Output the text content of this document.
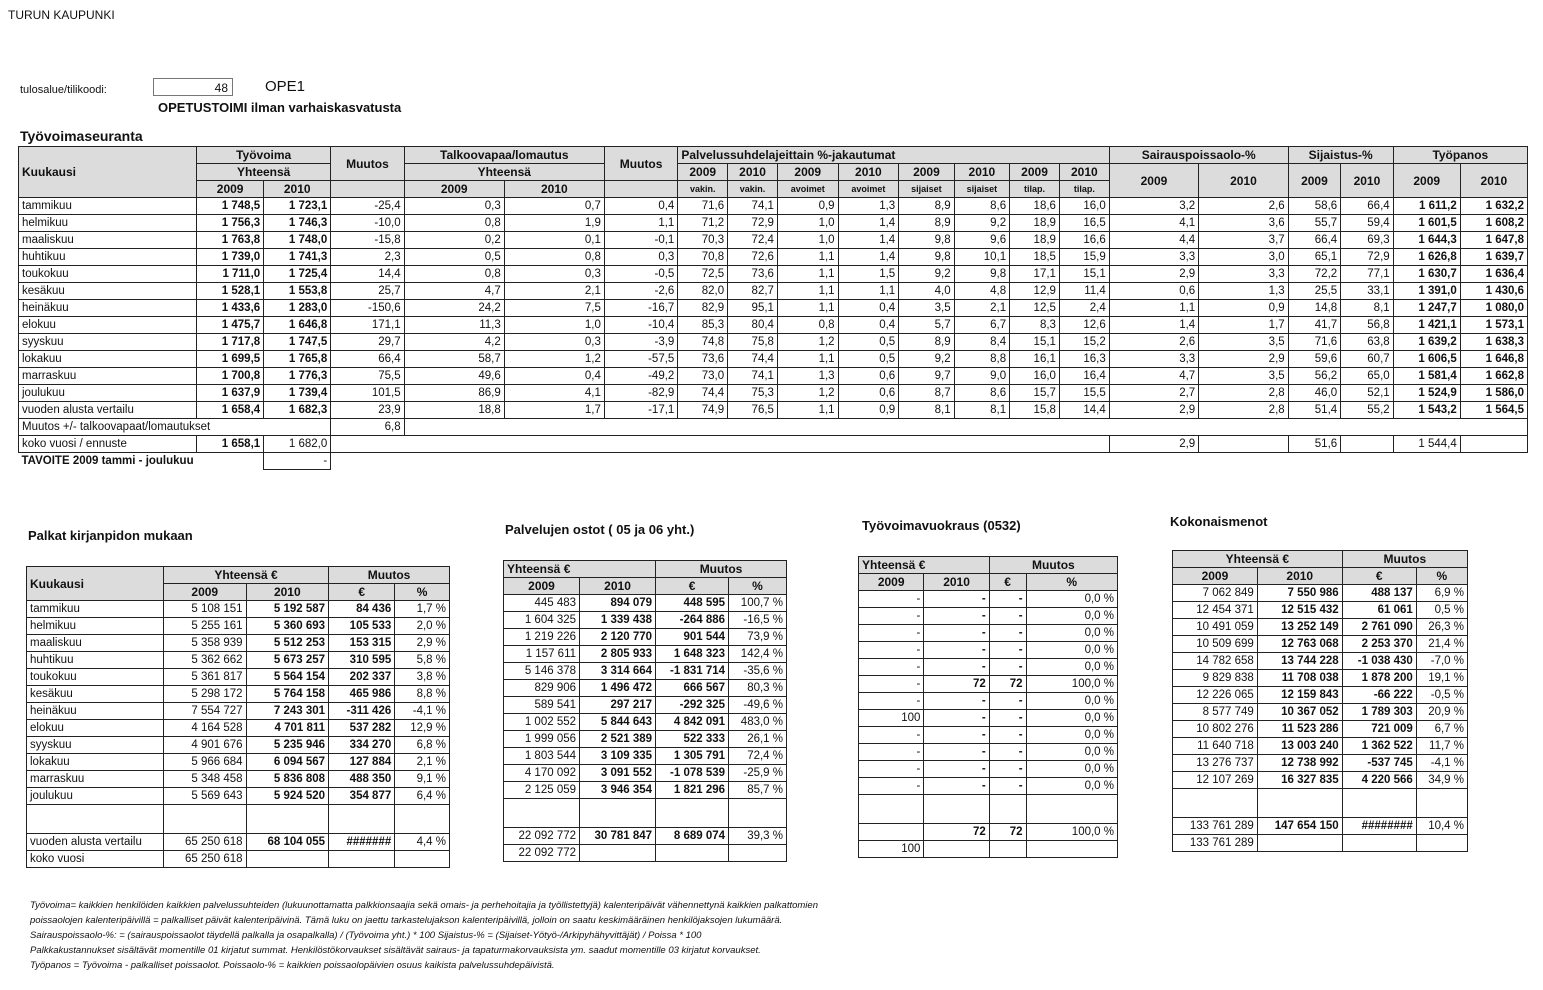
TURUN KAUPUNKI
tulosalue/tilikoodi:	48	OPE1
OPETUSTOIMI ilman varhaiskasvatusta
Työvoimaseuranta
Kuukausi	Työvoima		Muutos	Talkoovapaa/lomautus		Muutos	Palvelussuhdelajeittain %-jakautumat								Sairauspoissaolo-%		Sijaistus-%		Työpanos	
	Yhteensä			Yhteensä			2009	2010	2009	2010	2009	2010	2009	2010	2009	2010	2009	2010	2009	2010
	2009	2010		2009	2010		vakin.	vakin.	avoimet	avoimet	sijaiset	sijaiset	tilap.	tilap.						
tammikuu	1 748,5	1 723,1	-25,4	0,3	0,7	0,4	71,6	74,1	0,9	1,3	8,9	8,6	18,6	16,0	3,2	2,6	58,6	66,4	1 611,2	1 632,2
helmikuu	1 756,3	1 746,3	-10,0	0,8	1,9	1,1	71,2	72,9	1,0	1,4	8,9	9,2	18,9	16,5	4,1	3,6	55,7	59,4	1 601,5	1 608,2
maaliskuu	1 763,8	1 748,0	-15,8	0,2	0,1	-0,1	70,3	72,4	1,0	1,4	9,8	9,6	18,9	16,6	4,4	3,7	66,4	69,3	1 644,3	1 647,8
huhtikuu	1 739,0	1 741,3	2,3	0,5	0,8	0,3	70,8	72,6	1,1	1,4	9,8	10,1	18,5	15,9	3,3	3,0	65,1	72,9	1 626,8	1 639,7
toukokuu	1 711,0	1 725,4	14,4	0,8	0,3	-0,5	72,5	73,6	1,1	1,5	9,2	9,8	17,1	15,1	2,9	3,3	72,2	77,1	1 630,7	1 636,4
kesäkuu	1 528,1	1 553,8	25,7	4,7	2,1	-2,6	82,0	82,7	1,1	1,1	4,0	4,8	12,9	11,4	0,6	1,3	25,5	33,1	1 391,0	1 430,6
heinäkuu	1 433,6	1 283,0	-150,6	24,2	7,5	-16,7	82,9	95,1	1,1	0,4	3,5	2,1	12,5	2,4	1,1	0,9	14,8	8,1	1 247,7	1 080,0
elokuu	1 475,7	1 646,8	171,1	11,3	1,0	-10,4	85,3	80,4	0,8	0,4	5,7	6,7	8,3	12,6	1,4	1,7	41,7	56,8	1 421,1	1 573,1
syyskuu	1 717,8	1 747,5	29,7	4,2	0,3	-3,9	74,8	75,8	1,2	0,5	8,9	8,4	15,1	15,2	2,6	3,5	71,6	63,8	1 639,2	1 638,3
lokakuu	1 699,5	1 765,8	66,4	58,7	1,2	-57,5	73,6	74,4	1,1	0,5	9,2	8,8	16,1	16,3	3,3	2,9	59,6	60,7	1 606,5	1 646,8
marraskuu	1 700,8	1 776,3	75,5	49,6	0,4	-49,2	73,0	74,1	1,3	0,6	9,7	9,0	16,0	16,4	4,7	3,5	56,2	65,0	1 581,4	1 662,8
joulukuu	1 637,9	1 739,4	101,5	86,9	4,1	-82,9	74,4	75,3	1,2	0,6	8,7	8,6	15,7	15,5	2,7	2,8	46,0	52,1	1 524,9	1 586,0
vuoden alusta vertailu	1 658,4	1 682,3	23,9	18,8	1,7	-17,1	74,9	76,5	1,1	0,9	8,1	8,1	15,8	14,4	2,9	2,8	51,4	55,2	1 543,2	1 564,5
Muutos +/- talkoovapaat/lomautukset			6,8																	
koko vuosi / ennuste	1 658,1	1 682,0													2,9		51,6		1 544,4	
TAVOITE 2009 tammi - joulukuu		-																		
Palkat kirjanpidon mukaan	Palvelujen ostot ( 05 ja 06 yht.)	Työvoimavuokraus (0532)	Kokonaismenot
Kuukausi	Yhteensä €		Muutos	
	2009	2010	€	%
tammikuu	5 108 151	5 192 587	84 436	1,7 %
helmikuu	5 255 161	5 360 693	105 533	2,0 %
maaliskuu	5 358 939	5 512 253	153 315	2,9 %
huhtikuu	5 362 662	5 673 257	310 595	5,8 %
toukokuu	5 361 817	5 564 154	202 337	3,8 %
kesäkuu	5 298 172	5 764 158	465 986	8,8 %
heinäkuu	7 554 727	7 243 301	-311 426	-4,1 %
elokuu	4 164 528	4 701 811	537 282	12,9 %
syyskuu	4 901 676	5 235 946	334 270	6,8 %
lokakuu	5 966 684	6 094 567	127 884	2,1 %
marraskuu	5 348 458	5 836 808	488 350	9,1 %
joulukuu	5 569 643	5 924 520	354 877	6,4 %

vuoden alusta vertailu	65 250 618	68 104 055	#######	4,4 %
koko vuosi	65 250 618			
Yhteensä €		Muutos	
2009	2010	€	%
445 483	894 079	448 595	100,7 %
1 604 325	1 339 438	-264 886	-16,5 %
1 219 226	2 120 770	901 544	73,9 %
1 157 611	2 805 933	1 648 323	142,4 %
5 146 378	3 314 664	-1 831 714	-35,6 %
829 906	1 496 472	666 567	80,3 %
589 541	297 217	-292 325	-49,6 %
1 002 552	5 844 643	4 842 091	483,0 %
1 999 056	2 521 389	522 333	26,1 %
1 803 544	3 109 335	1 305 791	72,4 %
4 170 092	3 091 552	-1 078 539	-25,9 %
2 125 059	3 946 354	1 821 296	85,7 %

22 092 772	30 781 847	8 689 074	39,3 %
22 092 772			
Yhteensä €		Muutos	
2009	2010	€	%
-	-	-	0,0 %
-	-	-	0,0 %
-	-	-	0,0 %
-	-	-	0,0 %
-	-	-	0,0 %
-	72	72	100,0 %
-	-	-	0,0 %
100	-	-	0,0 %
-	-	-	0,0 %
-	-	-	0,0 %
-	-	-	0,0 %
-	-	-	0,0 %

	72	72	100,0 %
100			
Yhteensä €		Muutos	
2009	2010	€	%
7 062 849	7 550 986	488 137	6,9 %
12 454 371	12 515 432	61 061	0,5 %
10 491 059	13 252 149	2 761 090	26,3 %
10 509 699	12 763 068	2 253 370	21,4 %
14 782 658	13 744 228	-1 038 430	-7,0 %
9 829 838	11 708 038	1 878 200	19,1 %
12 226 065	12 159 843	-66 222	-0,5 %
8 577 749	10 367 052	1 789 303	20,9 %
10 802 276	11 523 286	721 009	6,7 %
11 640 718	13 003 240	1 362 522	11,7 %
13 276 737	12 738 992	-537 745	-4,1 %
12 107 269	16 327 835	4 220 566	34,9 %

133 761 289	147 654 150	########	10,4 %
133 761 289			
Työvoima= kaikkien henkilöiden kaikkien palvelussuhteiden (lukuunottamatta palkkionsaajia sekä omais- ja perhehoitajia ja työllistettyjä) kalenteripäivät vähennettynä kaikkien palkattomien
poissaolojen kalenteripäivillä = palkalliset päivät kalenteripäivinä. Tämä luku on jaettu tarkastelujakson kalenteripäivillä, jolloin on saatu keskimääräinen henkilöjaksojen lukumäärä.
Sairauspoissaolo-%: = (sairauspoissaolot täydellä palkalla ja osapalkalla) / (Työvoima yht.) * 100 Sijaistus-% = (Sijaiset-Yötyö-/Arkipyhähyvittäjät) / Poissa * 100
Palkkakustannukset sisältävät momentille 01 kirjatut summat. Henkilöstökorvaukset sisältävät sairaus- ja tapaturmakorvauksista ym. saadut momentille 03 kirjatut korvaukset.
Työpanos = Työvoima - palkalliset poissaolot. Poissaolo-% = kaikkien poissaolopäivien osuus kaikista palvelussuhdepäivistä.
